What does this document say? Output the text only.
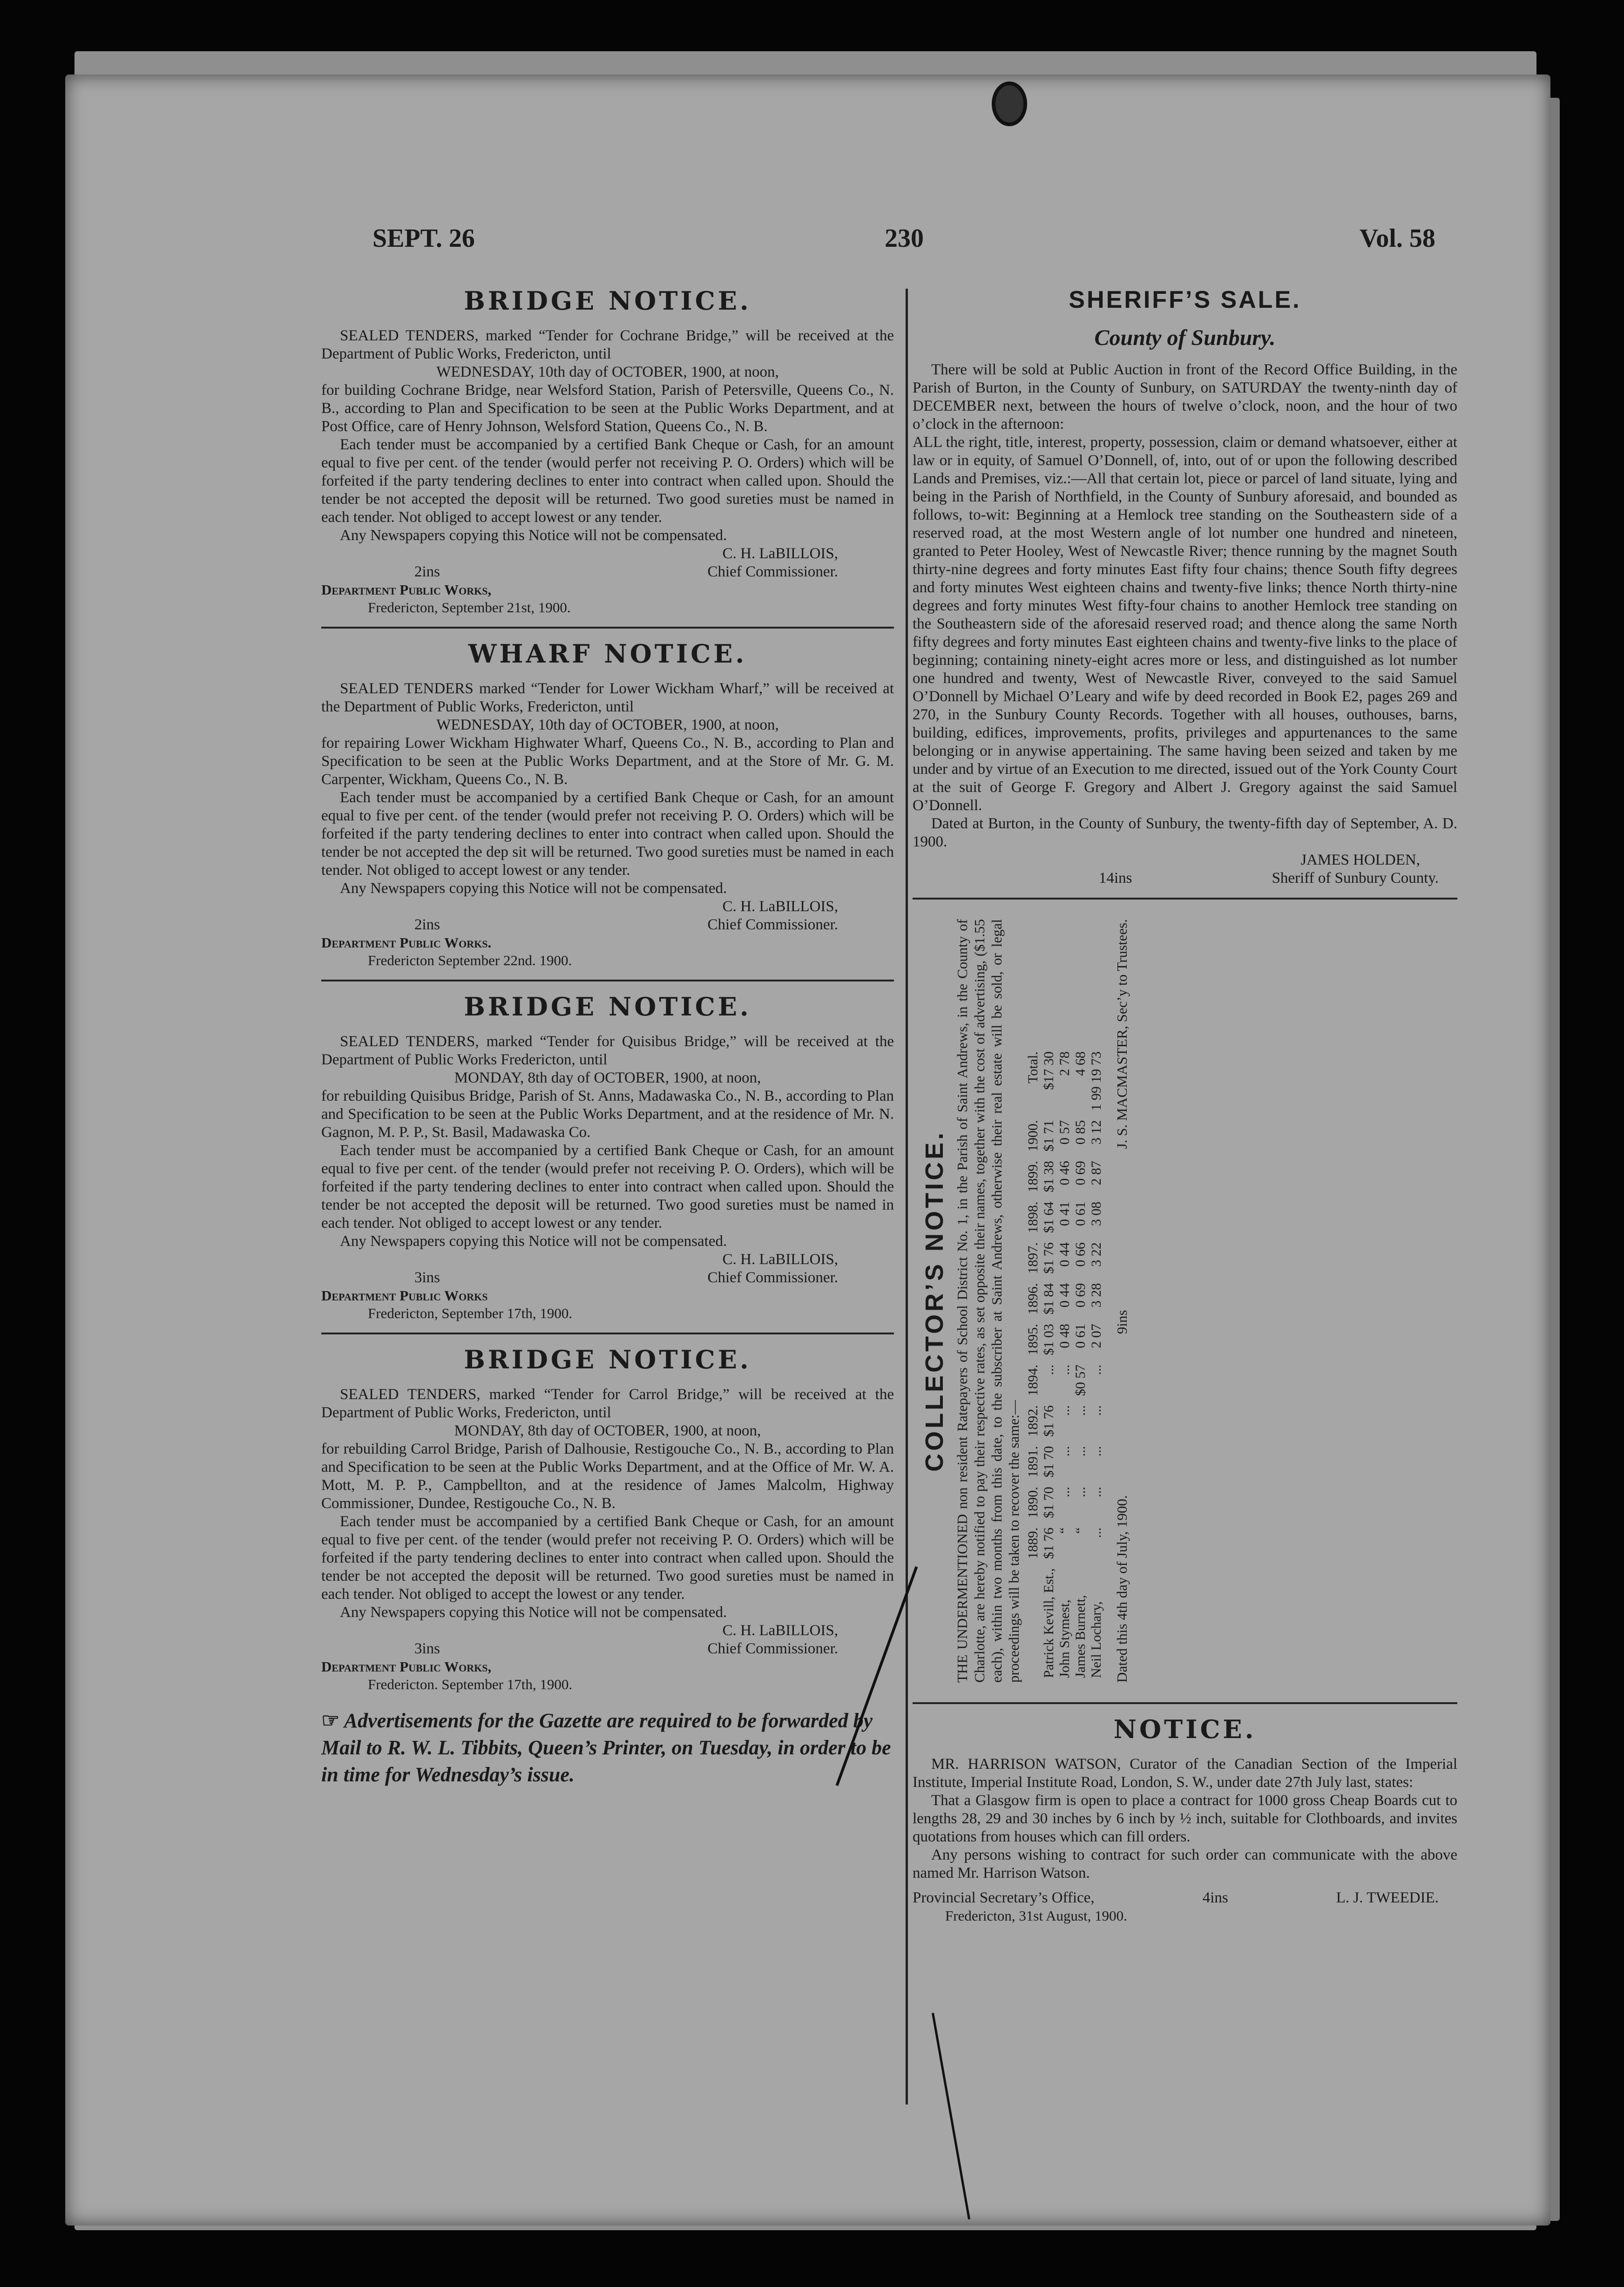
SEPT. 26	230	Vol. 58
BRIDGE NOTICE.

SEALED TENDERS, marked “Tender for Cochrane Bridge,” will be received at the Department of Public Works, Fredericton, until

WEDNESDAY, 10th day of OCTOBER, 1900, at noon,

for building Cochrane Bridge, near Welsford Station, Parish of Petersville, Queens Co., N. B., according to Plan and Specification to be seen at the Public Works Department, and at Post Office, care of Henry Johnson, Welsford Station, Queens Co., N. B.

Each tender must be accompanied by a certified Bank Cheque or Cash, for an amount equal to five per cent. of the tender (would perfer not receiving P. O. Orders) which will be forfeited if the party tendering declines to enter into contract when called upon. Should the tender be not accepted the deposit will be returned. Two good sureties must be named in each tender. Not obliged to accept lowest or any tender.

Any Newspapers copying this Notice will not be compensated.

C. H. LaBILLOIS,
2ins	Chief Commissioner.
Department Public Works,
Fredericton, September 21st, 1900.
WHARF NOTICE.

SEALED TENDERS marked “Tender for Lower Wickham Wharf,” will be received at the Department of Public Works, Fredericton, until

WEDNESDAY, 10th day of OCTOBER, 1900, at noon,

for repairing Lower Wickham Highwater Wharf, Queens Co., N. B., according to Plan and Specification to be seen at the Public Works Department, and at the Store of Mr. G. M. Carpenter, Wickham, Queens Co., N. B.

Each tender must be accompanied by a certified Bank Cheque or Cash, for an amount equal to five per cent. of the tender (would prefer not receiving P. O. Orders) which will be forfeited if the party tendering declines to enter into contract when called upon. Should the tender be not accepted the dep sit will be returned. Two good sureties must be named in each tender. Not obliged to accept lowest or any tender.

Any Newspapers copying this Notice will not be compensated.

C. H. LaBILLOIS,
2ins	Chief Commissioner.
Department Public Works.
Fredericton September 22nd. 1900.
BRIDGE NOTICE.

SEALED TENDERS, marked “Tender for Quisibus Bridge,” will be received at the Department of Public Works Fredericton, until

MONDAY, 8th day of OCTOBER, 1900, at noon,

for rebuilding Quisibus Bridge, Parish of St. Anns, Madawaska Co., N. B., according to Plan and Specification to be seen at the Public Works Department, and at the residence of Mr. N. Gagnon, M. P. P., St. Basil, Madawaska Co.

Each tender must be accompanied by a certified Bank Cheque or Cash, for an amount equal to five per cent. of the tender (would prefer not receiving P. O. Orders), which will be forfeited if the party tendering declines to enter into contract when called upon. Should the tender be not accepted the deposit will be returned. Two good sureties must be named in each tender. Not obliged to accept lowest or any tender.

Any Newspapers copying this Notice will not be compensated.

C. H. LaBILLOIS,
3ins	Chief Commissioner.
Department Public Works
Fredericton, September 17th, 1900.
BRIDGE NOTICE.

SEALED TENDERS, marked “Tender for Carrol Bridge,” will be received at the Department of Public Works, Fredericton, until

MONDAY, 8th day of OCTOBER, 1900, at noon,

for rebuilding Carrol Bridge, Parish of Dalhousie, Restigouche Co., N. B., according to Plan and Specification to be seen at the Public Works Department, and at the Office of Mr. W. A. Mott, M. P. P., Campbellton, and at the residence of James Malcolm, Highway Commissioner, Dundee, Restigouche Co., N. B.

Each tender must be accompanied by a certified Bank Cheque or Cash, for an amount equal to five per cent. of the tender (would prefer not receiving P. O. Orders) which will be forfeited if the party tendering declines to enter into contract when called upon. Should the tender be not accepted the deposit will be returned. Two good sureties must be named in each tender. Not obliged to accept the lowest or any tender.

Any Newspapers copying this Notice will not be compensated.

C. H. LaBILLOIS,
3ins	Chief Commissioner.
Department Public Works,
Fredericton. September 17th, 1900.
☞ Advertisements for the Gazette are required to be forwarded by Mail to R. W. L. Tibbits, Queen’s Printer, on Tuesday, in order to be in time for Wednesday’s issue.
SHERIFF’S SALE.
County of Sunbury.

There will be sold at Public Auction in front of the Record Office Building, in the Parish of Burton, in the County of Sunbury, on SATURDAY the twenty-ninth day of DECEMBER next, between the hours of twelve o’clock, noon, and the hour of two o’clock in the afternoon:

ALL the right, title, interest, property, possession, claim or demand whatsoever, either at law or in equity, of Samuel O’Donnell, of, into, out of or upon the following described Lands and Premises, viz.:—All that certain lot, piece or parcel of land situate, lying and being in the Parish of Northfield, in the County of Sunbury aforesaid, and bounded as follows, to-wit: Beginning at a Hemlock tree standing on the Southeastern side of a reserved road, at the most Western angle of lot number one hundred and nineteen, granted to Peter Hooley, West of Newcastle River; thence running by the magnet South thirty-nine degrees and forty minutes East fifty four chains; thence South fifty degrees and forty minutes West eighteen chains and twenty-five links; thence North thirty-nine degrees and forty minutes West fifty-four chains to another Hemlock tree standing on the Southeastern side of the aforesaid reserved road; and thence along the same North fifty degrees and forty minutes East eighteen chains and twenty-five links to the place of beginning; containing ninety-eight acres more or less, and distinguished as lot number one hundred and twenty, West of Newcastle River, conveyed to the said Samuel O’Donnell by Michael O’Leary and wife by deed recorded in Book E2, pages 269 and 270, in the Sunbury County Records. Together with all houses, outhouses, barns, building, edifices, improvements, profits, privileges and appurtenances to the same belonging or in anywise appertaining. The same having been seized and taken by me under and by virtue of an Execution to me directed, issued out of the York County Court at the suit of George F. Gregory and Albert J. Gregory against the said Samuel O’Donnell.

Dated at Burton, in the County of Sunbury, the twenty-fifth day of September, A. D. 1900.

JAMES HOLDEN,
14ins	Sheriff of Sunbury County.
COLLECTOR’S NOTICE. THE UNDERMENTIONED non resident Ratepayers of School District No. 1, in the Parish of Saint Andrews, in the County of Charlotte, are hereby notified to pay their respective rates, as set opposite their names, together with the cost of advertising, ($1.55 each), within two months from this date, to the subscriber at Saint Andrews, otherwise their real estate will be sold, or legal proceedings will be taken to recover the same:—

	1889.	1890.	1891.	1892.	1894.	1895.	1896.	1897.	1898.	1899.	1900.	Total.
Patrick Kevill, Est.,	$1 76	$1 70	$1 70	$1 76	...	$1 03	$1 84	$1 76	$1 64	$1 38	$1 71	$17 30
John Stymest,	“	...	...	...	...	0 48	0 44	0 44	0 41	0 46	0 57	2 78
James Burnett,	“	...	...	...	$0 57	0 61	0 69	0 66	0 61	0 69	0 85	4 68
Neil Lochary,	...	...	...	...	...	2 07	3 28	3 22	3 08	2 87	3 12	1 99 19 73
Dated this 4th day of July, 1900.
9ins
J. S. MACMASTER, Sec’y to Trustees.
NOTICE.

MR. HARRISON WATSON, Curator of the Canadian Section of the Imperial Institute, Imperial Institute Road, London, S. W., under date 27th July last, states:

That a Glasgow firm is open to place a contract for 1000 gross Cheap Boards cut to lengths 28, 29 and 30 inches by 6 inch by ½ inch, suitable for Clothboards, and invites quotations from houses which can fill orders.

Any persons wishing to contract for such order can communicate with the above named Mr. Harrison Watson.

Provincial Secretary’s Office,	4ins	L. J. TWEEDIE.
Fredericton, 31st August, 1900.
